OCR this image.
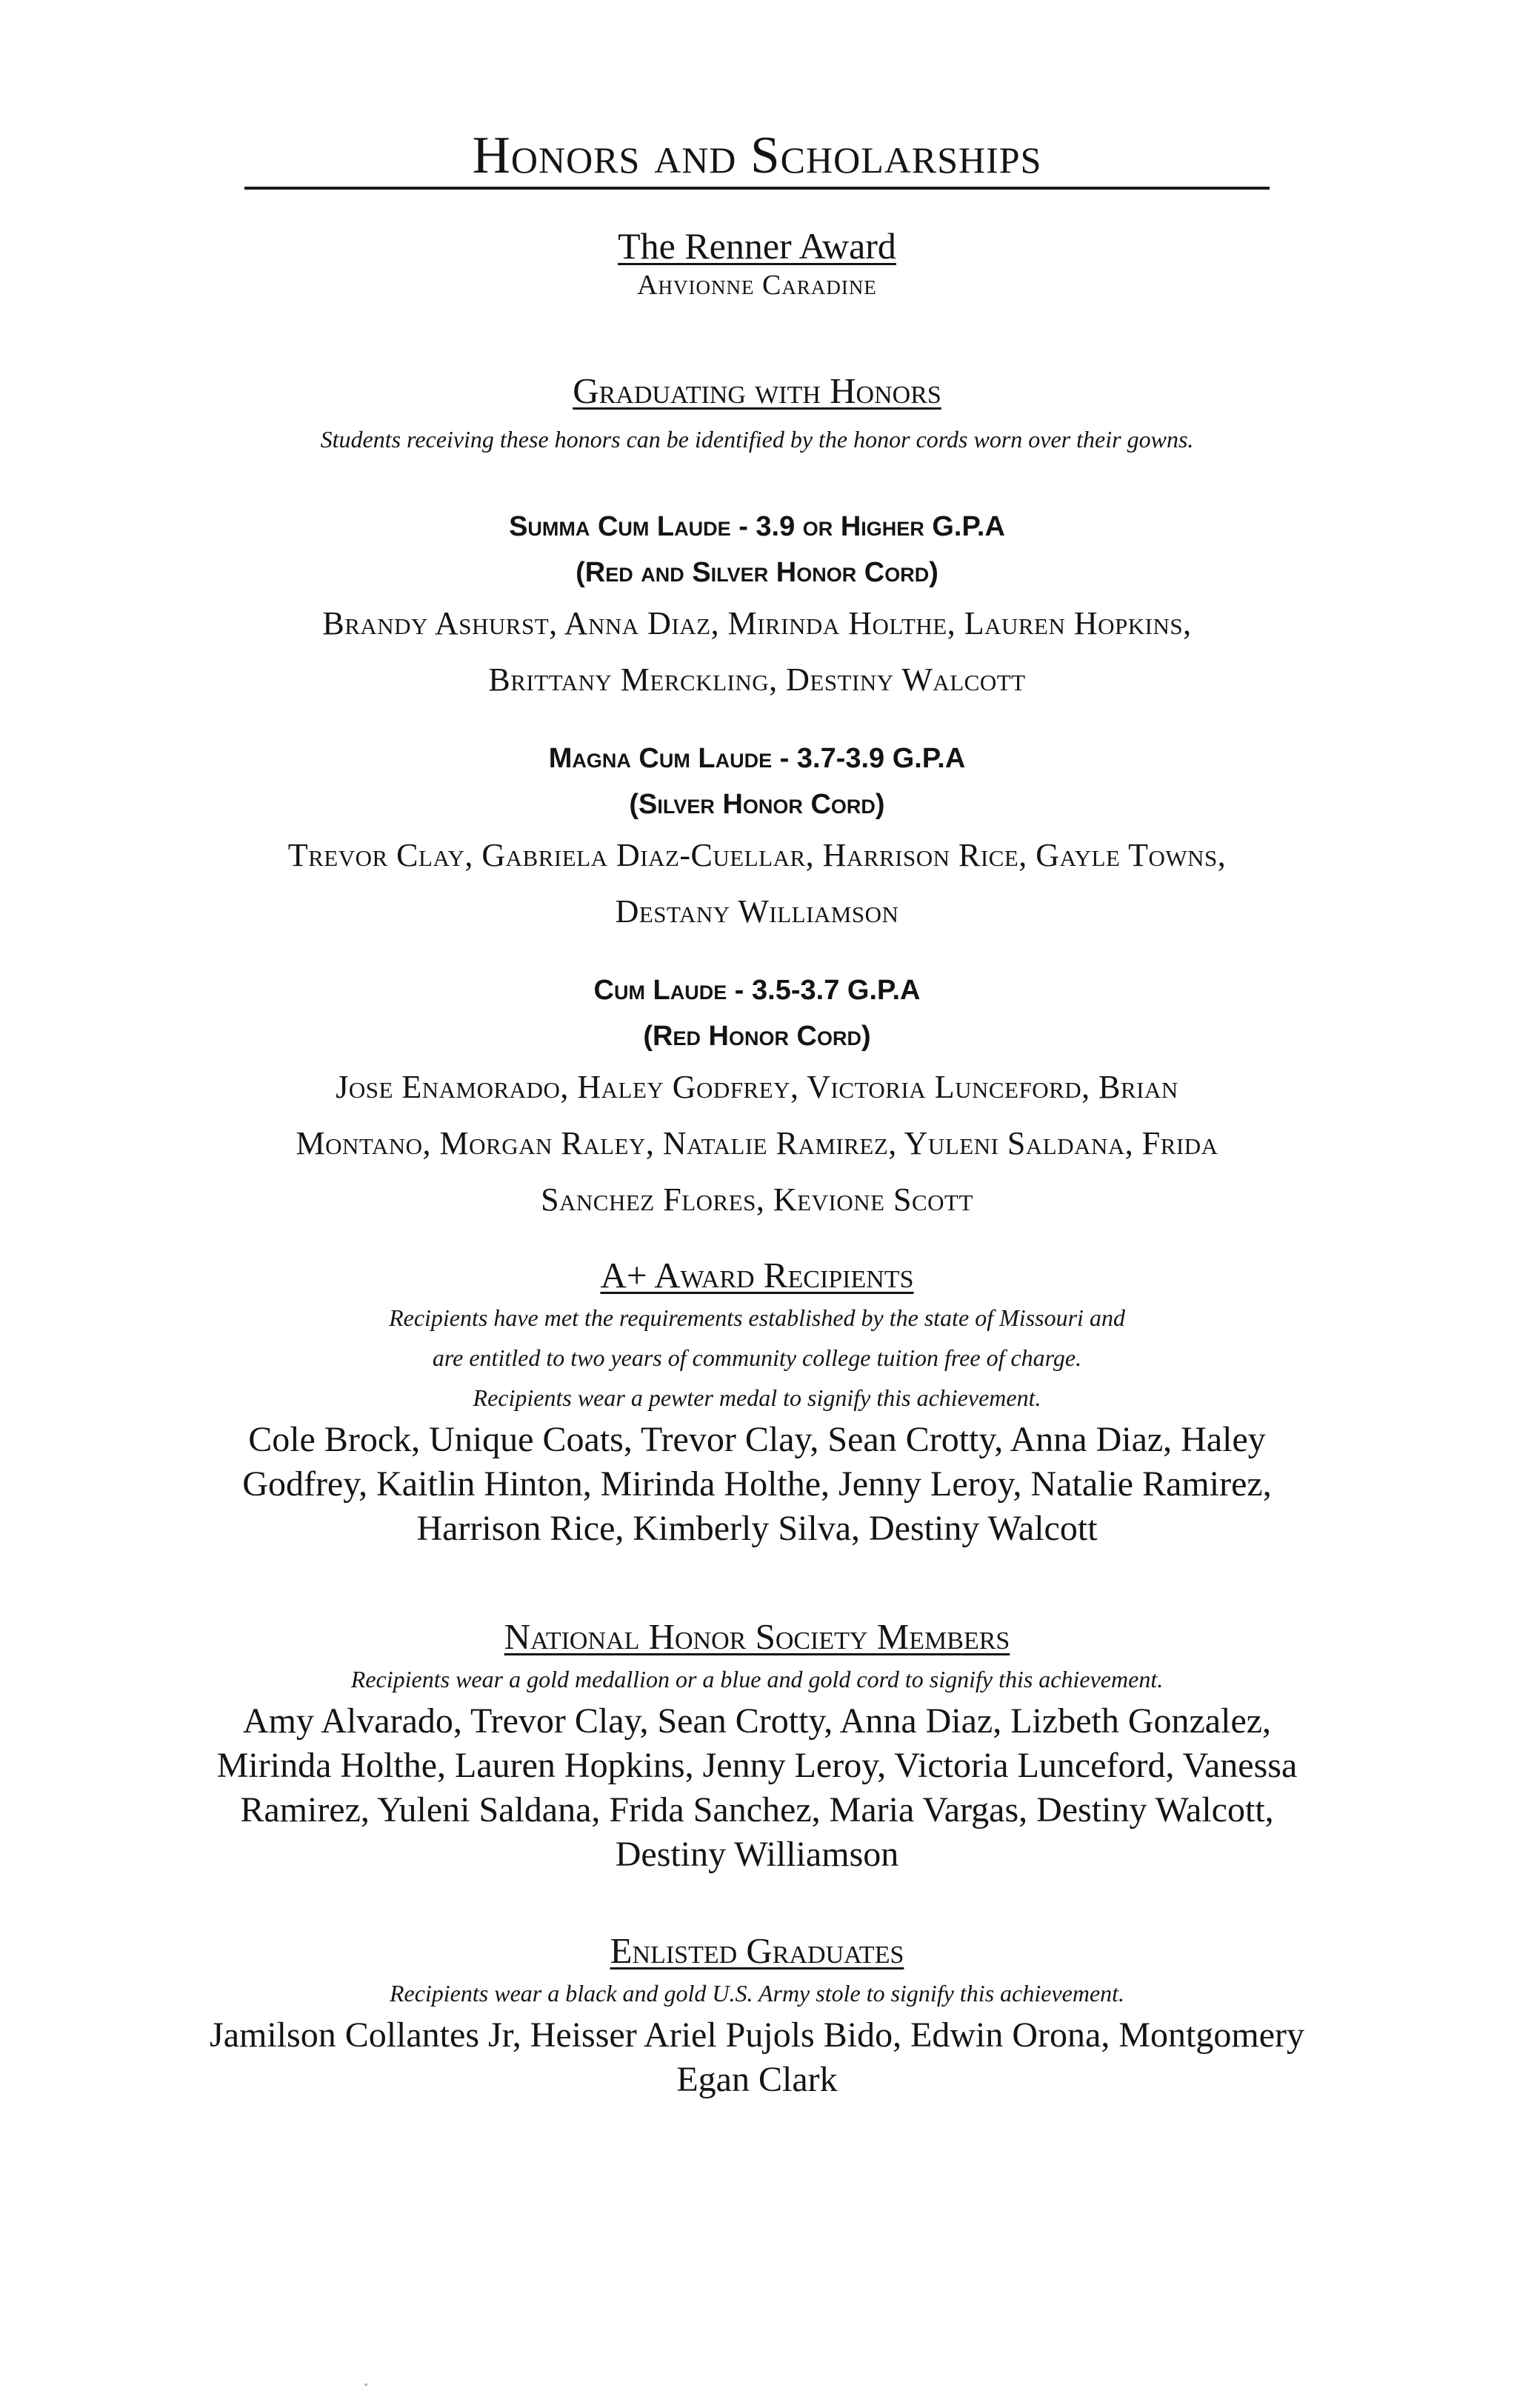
Honors and Scholarships
The Renner Award
Ahvionne Caradine
Graduating with Honors
Students receiving these honors can be identified by the honor cords worn over their gowns.
Summa Cum Laude - 3.9 or Higher G.P.A
(Red and Silver Honor Cord)
Brandy Ashurst, Anna Diaz, Mirinda Holthe, Lauren Hopkins,
Brittany Merckling, Destiny Walcott
Magna Cum Laude - 3.7-3.9 G.P.A
(Silver Honor Cord)
Trevor Clay, Gabriela Diaz-Cuellar, Harrison Rice, Gayle Towns,
Destany Williamson
Cum Laude - 3.5-3.7 G.P.A
(Red Honor Cord)
Jose Enamorado, Haley Godfrey, Victoria Lunceford, Brian
Montano, Morgan Raley, Natalie Ramirez, Yuleni Saldana, Frida
Sanchez Flores, Kevione Scott
A+ Award Recipients
Recipients have met the requirements established by the state of Missouri and
are entitled to two years of community college tuition free of charge.
Recipients wear a pewter medal to signify this achievement.
Cole Brock, Unique Coats, Trevor Clay, Sean Crotty, Anna Diaz, Haley
Godfrey, Kaitlin Hinton, Mirinda Holthe, Jenny Leroy, Natalie Ramirez,
Harrison Rice, Kimberly Silva, Destiny Walcott
National Honor Society Members
Recipients wear a gold medallion or a blue and gold cord to signify this achievement.
Amy Alvarado, Trevor Clay, Sean Crotty, Anna Diaz, Lizbeth Gonzalez,
Mirinda Holthe, Lauren Hopkins, Jenny Leroy, Victoria Lunceford, Vanessa
Ramirez, Yuleni Saldana, Frida Sanchez, Maria Vargas, Destiny Walcott,
Destiny Williamson
Enlisted Graduates
Recipients wear a black and gold U.S. Army stole to signify this achievement.
Jamilson Collantes Jr, Heisser Ariel Pujols Bido, Edwin Orona, Montgomery
Egan Clark
